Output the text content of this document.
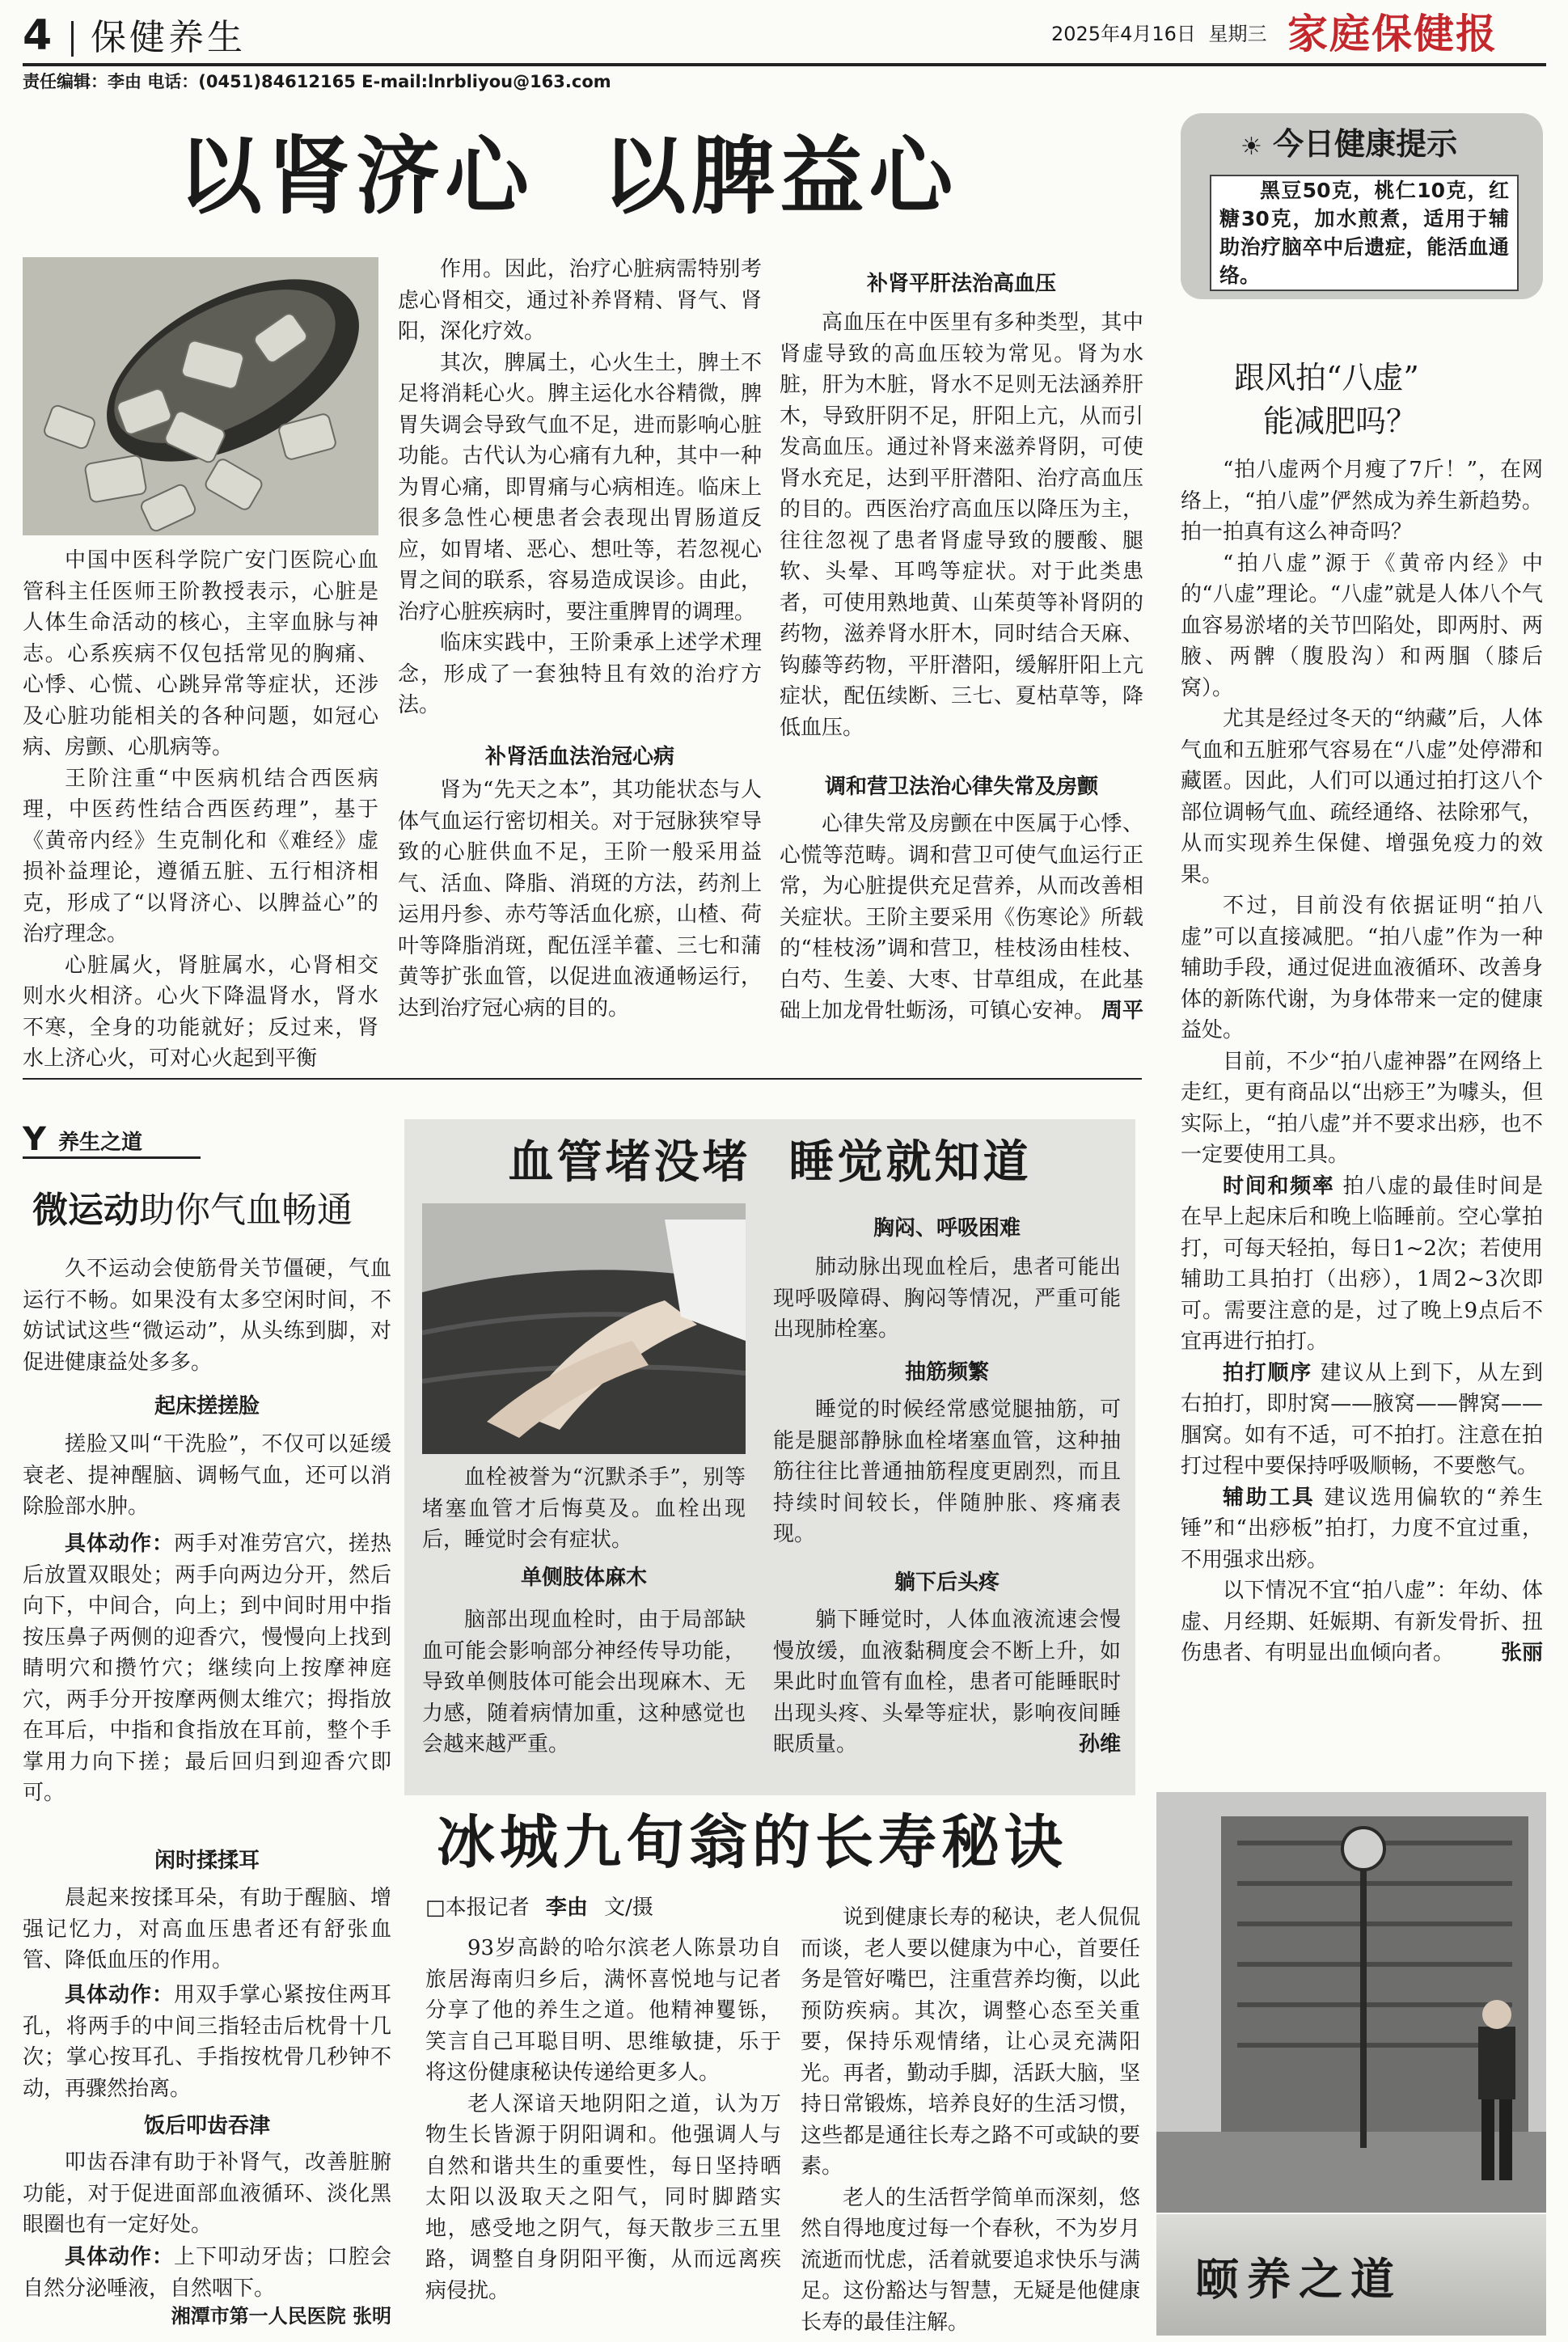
4 保健养生	2025年4月16日 星期三 家庭保健报
责任编辑：李由 电话：(0451)84612165 E-mail:lnrbliyou@163.com
以肾济心  以脾益心

中国中医科学院广安门医院心血管科主任医师王阶教授表示，心脏是人体生命活动的核心，主宰血脉与神志。心系疾病不仅包括常见的胸痛、心悸、心慌、心跳异常等症状，还涉及心脏功能相关的各种问题，如冠心病、房颤、心肌病等。

王阶注重“中医病机结合西医病理，中医药性结合西医药理”，基于《黄帝内经》生克制化和《难经》虚损补益理论，遵循五脏、五行相济相克，形成了“以肾济心、以脾益心”的治疗理念。

心脏属火，肾脏属水，心肾相交则水火相济。心火下降温肾水，肾水不寒，全身的功能就好；反过来，肾水上济心火，可对心火起到平衡

作用。因此，治疗心脏病需特别考虑心肾相交，通过补养肾精、肾气、肾阳，深化疗效。

其次，脾属土，心火生土，脾土不足将消耗心火。脾主运化水谷精微，脾胃失调会导致气血不足，进而影响心脏功能。古代认为心痛有九种，其中一种为胃心痛，即胃痛与心病相连。临床上很多急性心梗患者会表现出胃肠道反应，如胃堵、恶心、想吐等，若忽视心胃之间的联系，容易造成误诊。由此，治疗心脏疾病时，要注重脾胃的调理。

临床实践中，王阶秉承上述学术理念，形成了一套独特且有效的治疗方法。

补肾活血法治冠心病

肾为“先天之本”，其功能状态与人体气血运行密切相关。对于冠脉狭窄导致的心脏供血不足，王阶一般采用益气、活血、降脂、消斑的方法，药剂上运用丹参、赤芍等活血化瘀，山楂、荷叶等降脂消斑，配伍淫羊藿、三七和蒲黄等扩张血管，以促进血液通畅运行，达到治疗冠心病的目的。

补肾平肝法治高血压

高血压在中医里有多种类型，其中肾虚导致的高血压较为常见。肾为水脏，肝为木脏，肾水不足则无法涵养肝木，导致肝阴不足，肝阳上亢，从而引发高血压。通过补肾来滋养肾阴，可使肾水充足，达到平肝潜阳、治疗高血压的目的。西医治疗高血压以降压为主，往往忽视了患者肾虚导致的腰酸、腿软、头晕、耳鸣等症状。对于此类患者，可使用熟地黄、山茱萸等补肾阴的药物，滋养肾水肝木，同时结合天麻、钩藤等药物，平肝潜阳，缓解肝阳上亢症状，配伍续断、三七、夏枯草等，降低血压。

调和营卫法治心律失常及房颤

心律失常及房颤在中医属于心悸、心慌等范畴。调和营卫可使气血运行正常，为心脏提供充足营养，从而改善相关症状。王阶主要采用《伤寒论》所载的“桂枝汤”调和营卫，桂枝汤由桂枝、白芍、生姜、大枣、甘草组成，在此基础上加龙骨牡蛎汤，可镇心安神。 周平

☀ 今日健康提示
黑豆50克，桃仁10克，红糖30克，加水煎煮，适用于辅助治疗脑卒中后遗症，能活血通络。
跟风拍“八虚”
能减肥吗？

“拍八虚两个月瘦了7斤！”，在网络上，“拍八虚”俨然成为养生新趋势。拍一拍真有这么神奇吗？

“拍八虚”源于《黄帝内经》中的“八虚”理论。“八虚”就是人体八个气血容易淤堵的关节凹陷处，即两肘、两腋、两髀（腹股沟）和两腘（膝后窝）。

尤其是经过冬天的“纳藏”后，人体气血和五脏邪气容易在“八虚”处停滞和藏匿。因此，人们可以通过拍打这八个部位调畅气血、疏经通络、祛除邪气，从而实现养生保健、增强免疫力的效果。

不过，目前没有依据证明“拍八虚”可以直接减肥。“拍八虚”作为一种辅助手段，通过促进血液循环、改善身体的新陈代谢，为身体带来一定的健康益处。

目前，不少“拍八虚神器”在网络上走红，更有商品以“出痧王”为噱头，但实际上，“拍八虚”并不要求出痧，也不一定要使用工具。

时间和频率 拍八虚的最佳时间是在早上起床后和晚上临睡前。空心掌拍打，可每天轻拍，每日1~2次；若使用辅助工具拍打（出痧），1周2~3次即可。需要注意的是，过了晚上9点后不宜再进行拍打。

拍打顺序 建议从上到下，从左到右拍打，即肘窝——腋窝——髀窝——腘窝。如有不适，可不拍打。注意在拍打过程中要保持呼吸顺畅，不要憋气。

辅助工具 建议选用偏软的“养生锤”和“出痧板”拍打，力度不宜过重，不用强求出痧。

以下情况不宜“拍八虚”：年幼、体虚、月经期、妊娠期、有新发骨折、扭伤患者、有明显出血倾向者。 张丽

颐养之道
Y 养生之道
微运动助你气血畅通
久不运动会使筋骨关节僵硬，气血运行不畅。如果没有太多空闲时间，不妨试试这些“微运动”，从头练到脚，对促进健康益处多多。
起床搓搓脸
搓脸又叫“干洗脸”，不仅可以延缓衰老、提神醒脑、调畅气血，还可以消除脸部水肿。
具体动作：两手对准劳宫穴，搓热后放置双眼处；两手向两边分开，然后向下，中间合，向上；到中间时用中指按压鼻子两侧的迎香穴，慢慢向上找到睛明穴和攒竹穴；继续向上按摩神庭穴，两手分开按摩两侧太维穴；拇指放在耳后，中指和食指放在耳前，整个手掌用力向下搓；最后回归到迎香穴即可。
闲时揉揉耳
晨起来按揉耳朵，有助于醒脑、增强记忆力，对高血压患者还有舒张血管、降低血压的作用。
具体动作：用双手掌心紧按住两耳孔，将两手的中间三指轻击后枕骨十几次；掌心按耳孔、手指按枕骨几秒钟不动，再骤然抬离。
饭后叩齿吞津
叩齿吞津有助于补肾气，改善脏腑功能，对于促进面部血液循环、淡化黑眼圈也有一定好处。
具体动作：上下叩动牙齿；口腔会自然分泌唾液，自然咽下。
湘潭市第一人民医院 张明
血管堵没堵  睡觉就知道
血栓被誉为“沉默杀手”，别等堵塞血管才后悔莫及。血栓出现后，睡觉时会有症状。
单侧肢体麻木
脑部出现血栓时，由于局部缺血可能会影响部分神经传导功能，导致单侧肢体可能会出现麻木、无力感，随着病情加重，这种感觉也会越来越严重。
胸闷、呼吸困难
肺动脉出现血栓后，患者可能出现呼吸障碍、胸闷等情况，严重可能出现肺栓塞。
抽筋频繁
睡觉的时候经常感觉腿抽筋，可能是腿部静脉血栓堵塞血管，这种抽筋往往比普通抽筋程度更剧烈，而且持续时间较长，伴随肿胀、疼痛表现。
躺下后头疼
躺下睡觉时，人体血液流速会慢慢放缓，血液黏稠度会不断上升，如果此时血管有血栓，患者可能睡眠时出现头疼、头晕等症状，影响夜间睡眠质量。	孙维
冰城九旬翁的长寿秘诀
□本报记者 李由 文/摄

93岁高龄的哈尔滨老人陈景功自旅居海南归乡后，满怀喜悦地与记者分享了他的养生之道。他精神矍铄，笑言自己耳聪目明、思维敏捷，乐于将这份健康秘诀传递给更多人。

老人深谙天地阴阳之道，认为万物生长皆源于阴阳调和。他强调人与自然和谐共生的重要性，每日坚持晒太阳以汲取天之阳气，同时脚踏实地，感受地之阴气，每天散步三五里路，调整自身阴阳平衡，从而远离疾病侵扰。

说到健康长寿的秘诀，老人侃侃而谈，老人要以健康为中心，首要任务是管好嘴巴，注重营养均衡，以此预防疾病。其次，调整心态至关重要，保持乐观情绪，让心灵充满阳光。再者，勤动手脚，活跃大脑，坚持日常锻炼，培养良好的生活习惯，这些都是通往长寿之路不可或缺的要素。

老人的生活哲学简单而深刻，悠然自得地度过每一个春秋，不为岁月流逝而忧虑，活着就要追求快乐与满足。这份豁达与智慧，无疑是他健康长寿的最佳注解。
